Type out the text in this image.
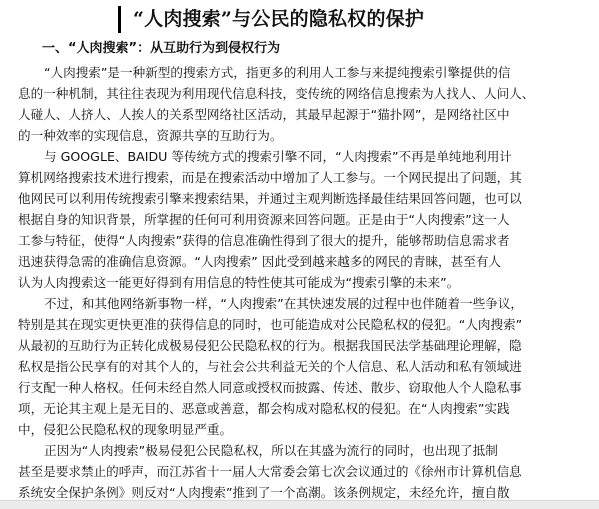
“人肉搜索”与公民的隐私权的保护
一、“人肉搜索”：从互助行为到侵权行为
“人肉搜索”是一种新型的搜索方式，指更多的利用人工参与来提纯搜索引擎提供的信
息的一种机制，其往往表现为利用现代信息科技，变传统的网络信息搜索为人找人、人问人、
人碰人、人挤人、人挨人的关系型网络社区活动，其最早起源于“猫扑网”，是网络社区中
的一种效率的实现信息，资源共享的互助行为。
与 GOOGLE、BAIDU 等传统方式的搜索引擎不同，“人肉搜索”不再是单纯地利用计
算机网络搜索技术进行搜索，而是在搜索活动中增加了人工参与。一个网民提出了问题，其
他网民可以利用传统搜索引擎来搜索结果，并通过主观判断选择最佳结果回答问题，也可以
根据自身的知识背景，所掌握的任何可利用资源来回答问题。正是由于“人肉搜索”这一人
工参与特征，使得“人肉搜索”获得的信息准确性得到了很大的提升，能够帮助信息需求者
迅速获得急需的准确信息资源。“人肉搜索” 因此受到越来越多的网民的青睐，甚至有人
认为人肉搜索这一能更好得到有用信息的特性使其可能成为“搜索引擎的未来”。
不过，和其他网络新事物一样，“人肉搜索”在其快速发展的过程中也伴随着一些争议，
特别是其在现实更快更准的获得信息的同时，也可能造成对公民隐私权的侵犯。“人肉搜索”
从最初的互助行为正转化成极易侵犯公民隐私权的行为。根据我国民法学基础理论理解，隐
私权是指公民享有的对其个人的，与社会公共利益无关的个人信息、私人活动和私有领域进
行支配一种人格权。任何未经自然人同意或授权而披露、传述、散步、窃取他人个人隐私事
项，无论其主观上是无目的、恶意或善意，都会构成对隐私权的侵犯。在“人肉搜索”实践
中，侵犯公民隐私权的现象明显严重。
正因为“人肉搜索”极易侵犯公民隐私权，所以在其盛为流行的同时，也出现了抵制
甚至是要求禁止的呼声，而江苏省十一届人大常委会第七次会议通过的《徐州市计算机信息
系统安全保护条例》则反对“人肉搜索”推到了一个高潮。该条例规定，未经允许，擅自散
